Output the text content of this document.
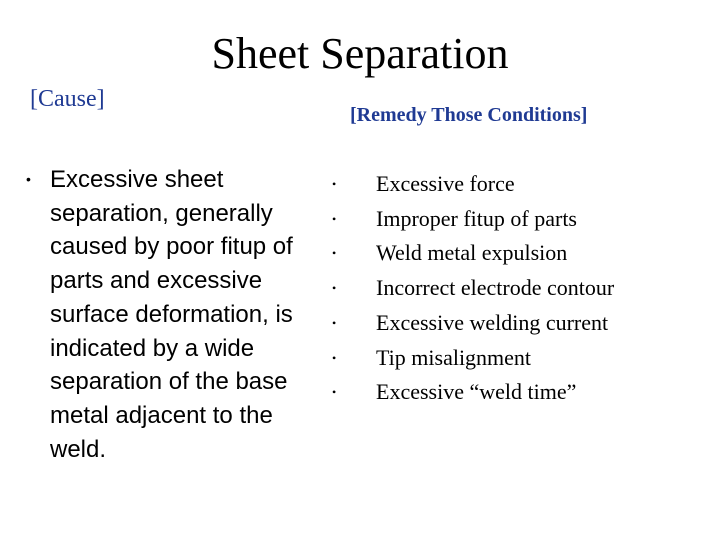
Sheet Separation
[Cause]
[Remedy Those Conditions]
• Excessive sheet separation, generally caused by poor fitup of parts and excessive surface deformation, is indicated by a wide separation of the base metal adjacent to the weld.
• Excessive force
• Improper fitup of parts
• Weld metal expulsion
• Incorrect electrode contour
• Excessive welding current
• Tip misalignment
• Excessive “weld time”
